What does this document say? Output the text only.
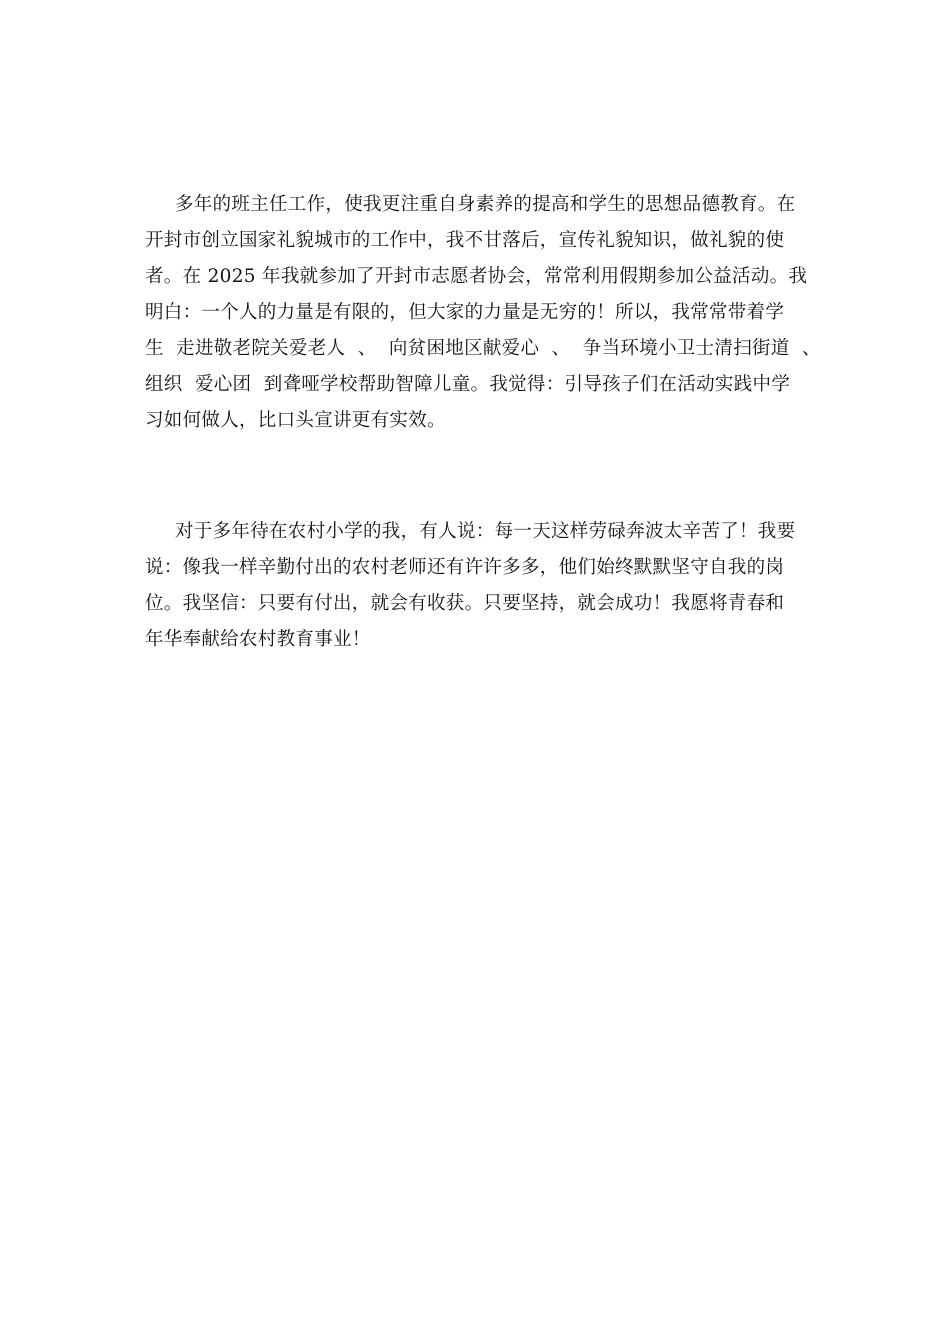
多年的班主任工作，使我更注重自身素养的提高和学生的思想品德教育。在
开封市创立国家礼貌城市的工作中，我不甘落后，宣传礼貌知识，做礼貌的使
者。在 2025 年我就参加了开封市志愿者协会，常常利用假期参加公益活动。我
明白：一个人的力量是有限的，但大家的力量是无穷的！所以，我常常带着学
生  走进敬老院关爱老人  、  向贫困地区献爱心  、  争当环境小卫士清扫街道  、
组织  爱心团  到聋哑学校帮助智障儿童。我觉得：引导孩子们在活动实践中学
习如何做人，比口头宣讲更有实效。
对于多年待在农村小学的我，有人说：每一天这样劳碌奔波太辛苦了！我要
说：像我一样辛勤付出的农村老师还有许许多多，他们始终默默坚守自我的岗
位。我坚信：只要有付出，就会有收获。只要坚持，就会成功！我愿将青春和
年华奉献给农村教育事业！
